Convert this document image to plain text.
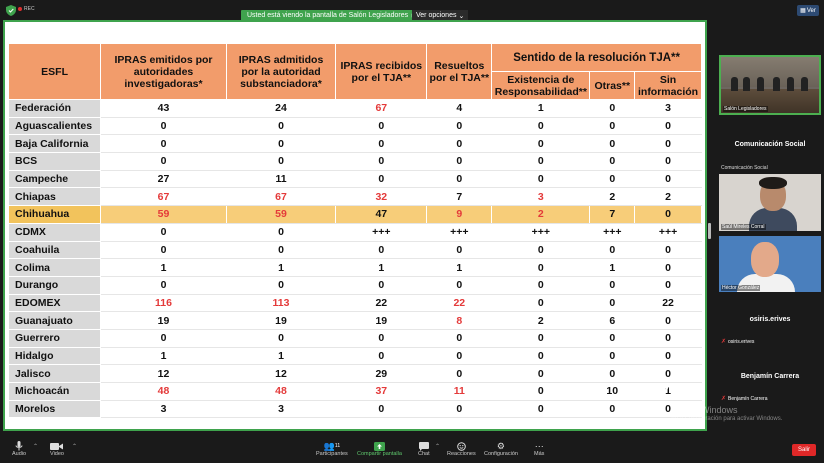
REC
Usted está viendo la pantalla de Salón Legisladores Ver opciones ⌄
▦ Ver
ESFL	IPRAS emitidos por autoridades investigadoras*	IPRAS admitidos por la autoridad substanciadora*	IPRAS recibidos por el TJA**	Resueltos por el TJA**	Sentido de la resolución TJA**		
					Existencia de Responsabilidad**	Otras**	Sin información
Federación	43	24	67	4	1	0	3
Aguascalientes	0	0	0	0	0	0	0
Baja California	0	0	0	0	0	0	0
BCS	0	0	0	0	0	0	0
Campeche	27	11	0	0	0	0	0
Chiapas	67	67	32	7	3	2	2
Chihuahua	59	59	47	9	2	7	0
CDMX	0	0	+++	+++	+++	+++	+++
Coahuila	0	0	0	0	0	0	0
Colima	1	1	1	1	0	1	0
Durango	0	0	0	0	0	0	0
EDOMEX	116	113	22	22	0	0	22
Guanajuato	19	19	19	8	2	6	0
Guerrero	0	0	0	0	0	0	0
Hidalgo	1	1	0	0	0	0	0
Jalisco	12	12	29	0	0	0	0
Michoacán	48	48	37	11	0	10	1
Morelos	3	3	0	0	0	0	0
Salón Legisladores
Comunicación Social
Comunicación Social
Saúl Mireles Corral
Héctor González
osiris.erives
✗ osiris.erives
Benjamín Carrera
✗ Benjamín Carrera
Activar Windows
Ve a Configuración para activar Windows.
Audio
⌃
Video
⌃	👥 11
Participantes Compartir pantalla	Chat
⌃
Reacciones
⚙
Configuración
⋯
Más
Salir
